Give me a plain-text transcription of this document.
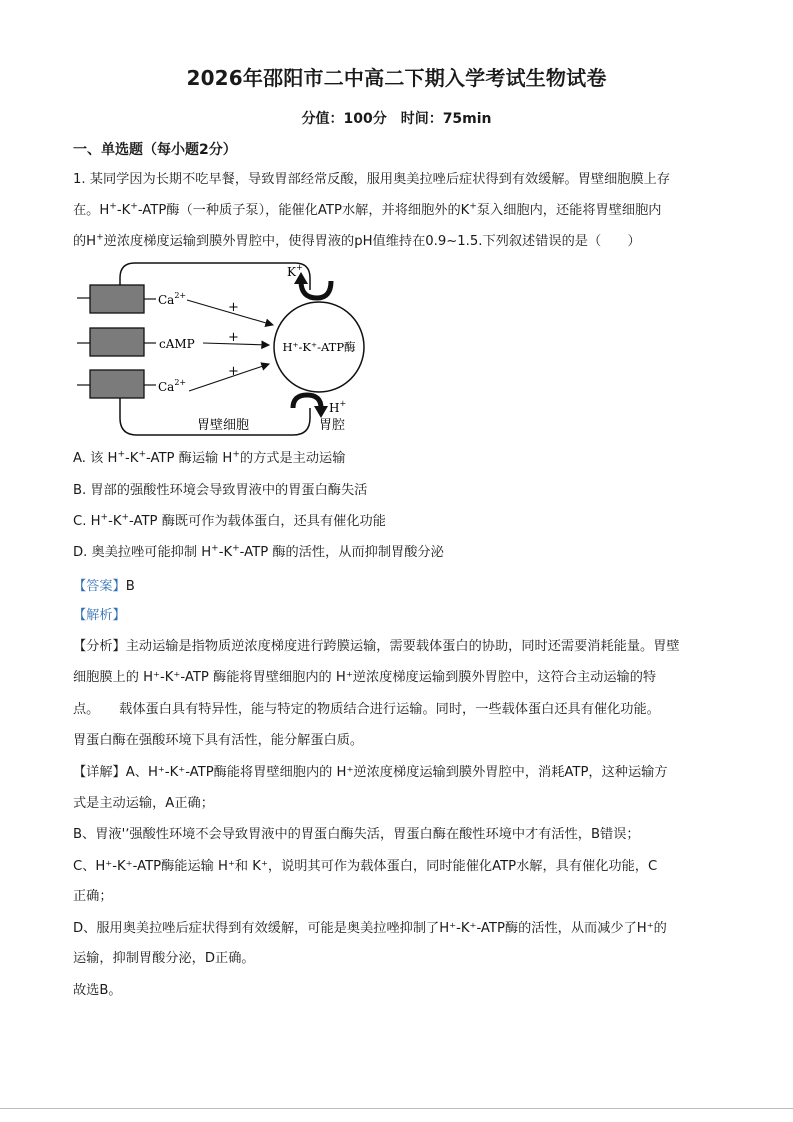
2026年邵阳市二中高二下期入学考试生物试卷
分值：100分　时间：75min
一、单选题（每小题2分）
1. 某同学因为长期不吃早餐，导致胃部经常反酸，服用奥美拉唑后症状得到有效缓解。胃壁细胞膜上存
在。H+-K+-ATP酶（一种质子泵），能催化ATP水解，并将细胞外的K+泵入细胞内，还能将胃壁细胞内
的H+逆浓度梯度运输到膜外胃腔中，使得胃液的pH值维持在0.9~1.5.下列叙述错误的是（　　）
$Ca^{2+}$
cAMP
$Ca^{2+}$
+
+
+
H⁺-K⁺-ATP酶
K+
H+
胃壁细胞	胃腔
A. 该 H+-K+-ATP 酶运输 H+的方式是主动运输
B. 胃部的强酸性环境会导致胃液中的胃蛋白酶失活
C. H+-K+-ATP 酶既可作为载体蛋白，还具有催化功能
D. 奥美拉唑可能抑制 H+-K+-ATP 酶的活性，从而抑制胃酸分泌
【答案】B
【解析】
【分析】主动运输是指物质逆浓度梯度进行跨膜运输，需要载体蛋白的协助，同时还需要消耗能量。胃壁
细胞膜上的 H⁺-K⁺-ATP 酶能将胃壁细胞内的 H⁺逆浓度梯度运输到膜外胃腔中，这符合主动运输的特
点。　　载体蛋白具有特异性，能与特定的物质结合进行运输。同时，一些载体蛋白还具有催化功能。
胃蛋白酶在强酸环境下具有活性，能分解蛋白质。
【详解】A、H⁺-K⁺-ATP酶能将胃壁细胞内的 H⁺逆浓度梯度运输到膜外胃腔中，消耗ATP，这种运输方
式是主动运输，A正确；
B、胃液'ʼ强酸性环境不会导致胃液中的胃蛋白酶失活，胃蛋白酶在酸性环境中才有活性，B错误；
C、H⁺-K⁺-ATP酶能运输 H⁺和 K⁺，说明其可作为载体蛋白，同时能催化ATP水解，具有催化功能，C
正确；
D、服用奥美拉唑后症状得到有效缓解，可能是奥美拉唑抑制了H⁺-K⁺-ATP酶的活性，从而减少了H⁺的
运输，抑制胃酸分泌，D正确。
故选B。
